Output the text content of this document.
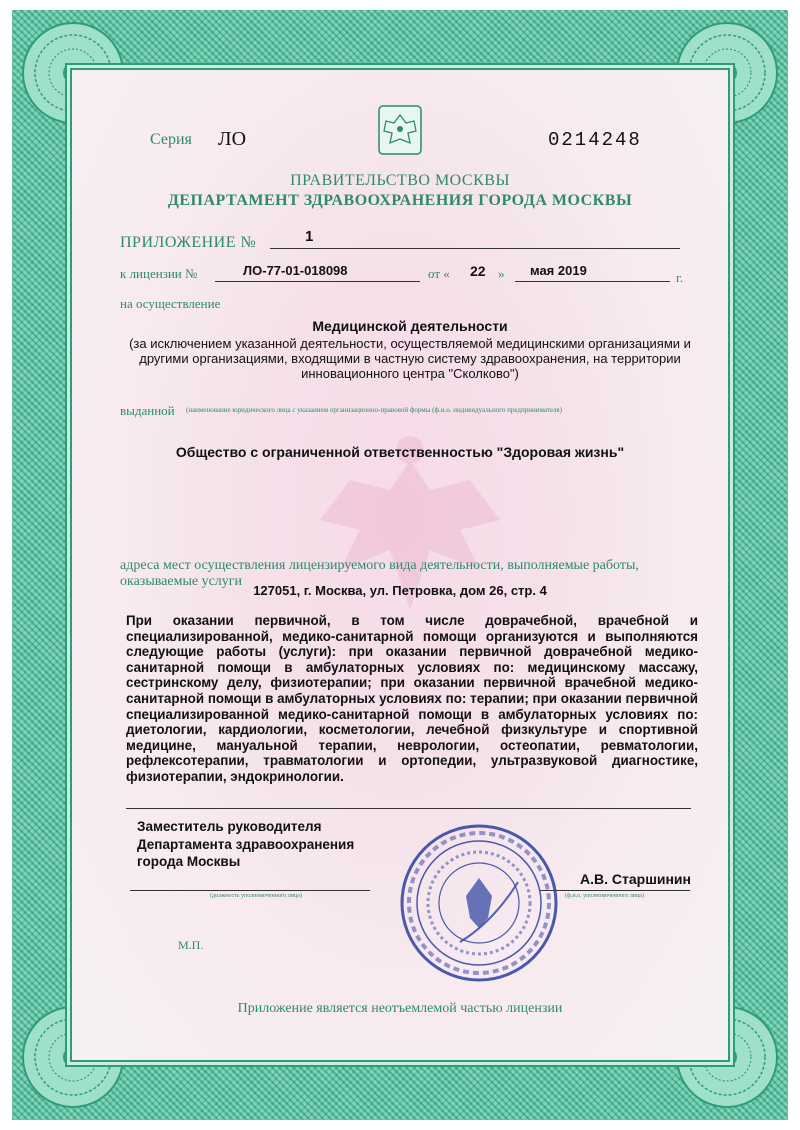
Серия ЛО	0214248
ПРАВИТЕЛЬСТВО МОСКВЫ
ДЕПАРТАМЕНТ ЗДРАВООХРАНЕНИЯ ГОРОДА МОСКВЫ
ПРИЛОЖЕНИЕ №	1
к лицензии №	ЛО-77-01-018098	от « 22 » мая 2019	г.
на осуществление
Медицинской деятельности
(за исключением указанной деятельности, осуществляемой медицинскими организациями и другими организациями, входящими в частную систему здравоохранения, на территории инновационного центра "Сколково")
выданной (наименование юридического лица с указанием организационно-правовой формы (ф.и.о. индивидуального предпринимателя)
Общество с ограниченной ответственностью "Здоровая жизнь"
адреса мест осуществления лицензируемого вида деятельности, выполняемые работы, оказываемые услуги
127051, г. Москва, ул. Петровка, дом 26, стр. 4
При оказании первичной, в том числе доврачебной, врачебной и специализированной, медико-санитарной помощи организуются и выполняются следующие работы (услуги): при оказании первичной доврачебной медико-санитарной помощи в амбулаторных условиях по: медицинскому массажу, сестринскому делу, физиотерапии; при оказании первичной врачебной медико-санитарной помощи в амбулаторных условиях по: терапии; при оказании первичной специализированной медико-санитарной помощи в амбулаторных условиях по: диетологии, кардиологии, косметологии, лечебной физкультуре и спортивной медицине, мануальной терапии, неврологии, остеопатии, ревматологии, рефлексотерапии, травматологии и ортопедии, ультразвуковой диагностике, физиотерапии, эндокринологии.
Заместитель руководителя Департамента здравоохранения города Москвы
(должность уполномоченного лица)
А.В. Старшинин
(ф.и.о. уполномоченного лица)
М.П.
Приложение является неотъемлемой частью лицензии
